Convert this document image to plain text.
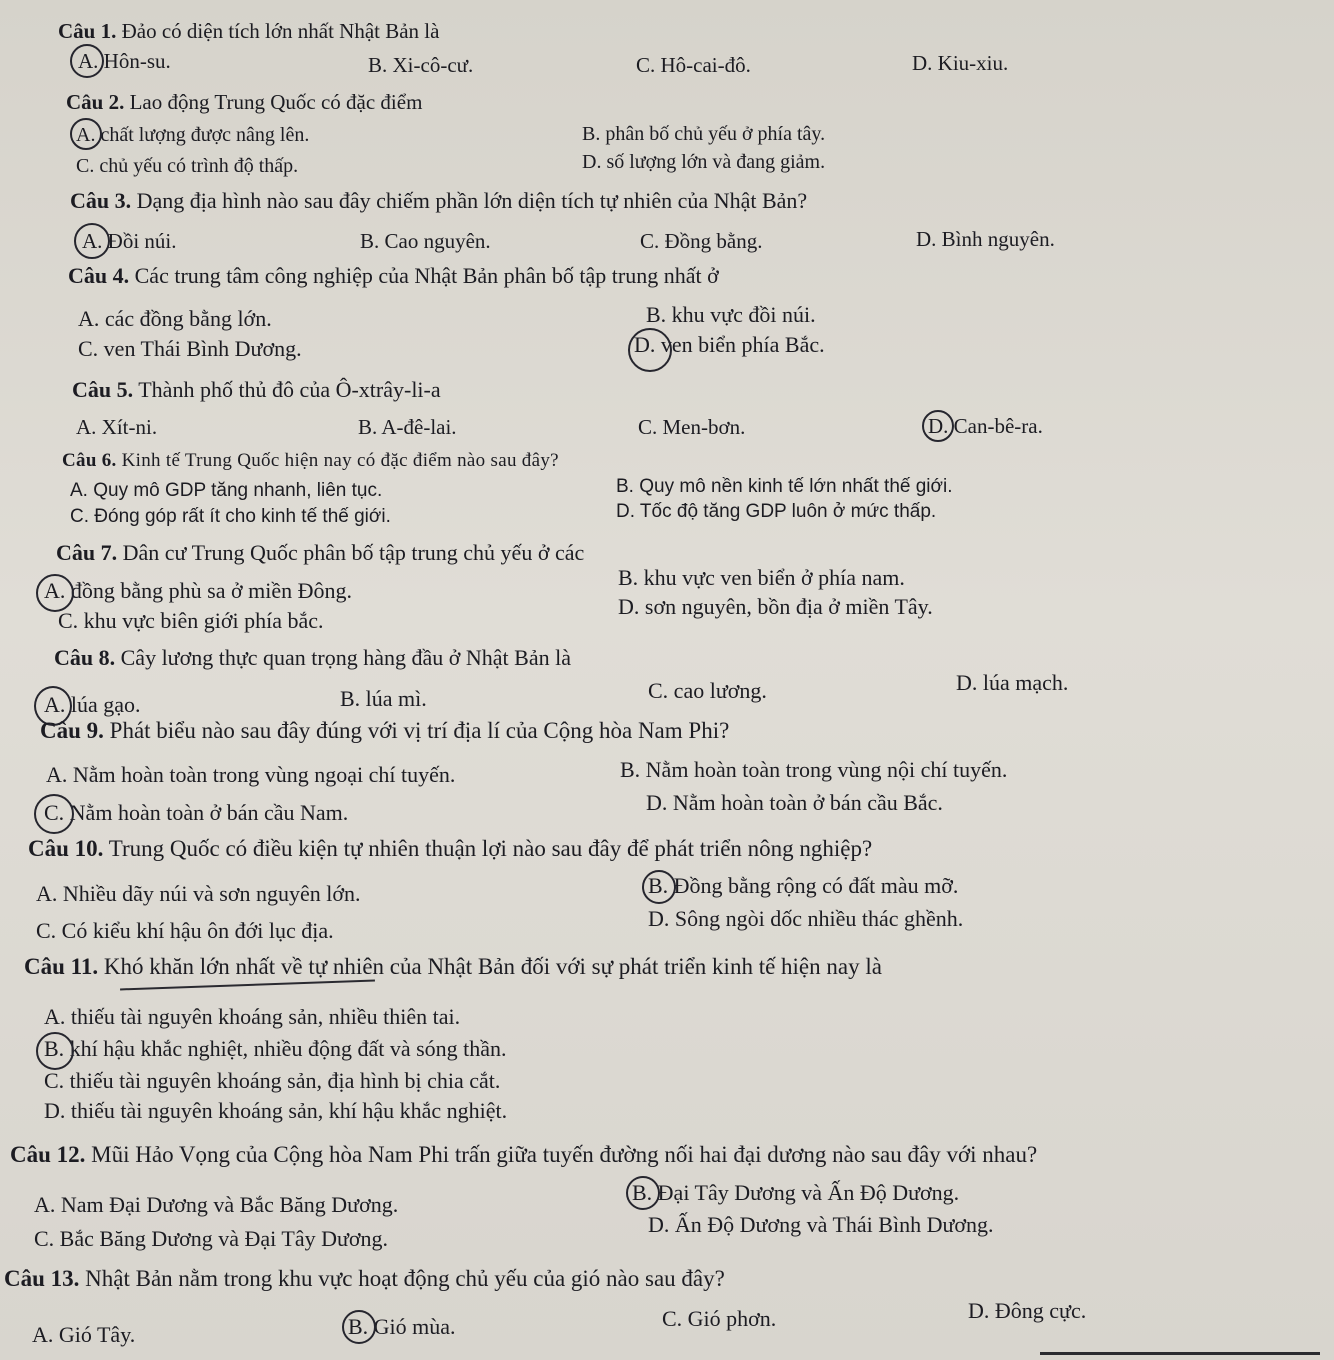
Câu 1. Đảo có diện tích lớn nhất Nhật Bản là
A. Hôn-su.	B. Xi-cô-cư.	C. Hô-cai-đô.	D. Kiu-xiu.
Câu 2. Lao động Trung Quốc có đặc điểm
A. chất lượng được nâng lên.	B. phân bố chủ yếu ở phía tây.
C. chủ yếu có trình độ thấp.	D. số lượng lớn và đang giảm.
Câu 3. Dạng địa hình nào sau đây chiếm phần lớn diện tích tự nhiên của Nhật Bản?
A. Đồi núi.	B. Cao nguyên.	C. Đồng bằng.	D. Bình nguyên.
Câu 4. Các trung tâm công nghiệp của Nhật Bản phân bố tập trung nhất ở
A. các đồng bằng lớn.	B. khu vực đồi núi.
C. ven Thái Bình Dương.	D. ven biển phía Bắc.
Câu 5. Thành phố thủ đô của Ô-xtrây-li-a
A. Xít-ni.	B. A-đê-lai.	C. Men-bơn.	D. Can-bê-ra.
Câu 6. Kinh tế Trung Quốc hiện nay có đặc điểm nào sau đây?
A. Quy mô GDP tăng nhanh, liên tục.	B. Quy mô nền kinh tế lớn nhất thế giới.
C. Đóng góp rất ít cho kinh tế thế giới.	D. Tốc độ tăng GDP luôn ở mức thấp.
Câu 7. Dân cư Trung Quốc phân bố tập trung chủ yếu ở các
A. đồng bằng phù sa ở miền Đông.
B. khu vực ven biển ở phía nam.
C. khu vực biên giới phía bắc.
D. sơn nguyên, bồn địa ở miền Tây.
Câu 8. Cây lương thực quan trọng hàng đầu ở Nhật Bản là
A. lúa gạo.	B. lúa mì.	C. cao lương.	D. lúa mạch.
Câu 9. Phát biểu nào sau đây đúng với vị trí địa lí của Cộng hòa Nam Phi?
A. Nằm hoàn toàn trong vùng ngoại chí tuyến.	B. Nằm hoàn toàn trong vùng nội chí tuyến.
C. Nằm hoàn toàn ở bán cầu Nam.	D. Nằm hoàn toàn ở bán cầu Bắc.
Câu 10. Trung Quốc có điều kiện tự nhiên thuận lợi nào sau đây để phát triển nông nghiệp?
A. Nhiều dãy núi và sơn nguyên lớn.	B. Đồng bằng rộng có đất màu mỡ.
C. Có kiểu khí hậu ôn đới lục địa.	D. Sông ngòi dốc nhiều thác ghềnh.
Câu 11. Khó khăn lớn nhất về tự nhiên của Nhật Bản đối với sự phát triển kinh tế hiện nay là
A. thiếu tài nguyên khoáng sản, nhiều thiên tai.
B. khí hậu khắc nghiệt, nhiều động đất và sóng thần.
C. thiếu tài nguyên khoáng sản, địa hình bị chia cắt.
D. thiếu tài nguyên khoáng sản, khí hậu khắc nghiệt.
Câu 12. Mũi Hảo Vọng của Cộng hòa Nam Phi trấn giữa tuyến đường nối hai đại dương nào sau đây với nhau?
A. Nam Đại Dương và Bắc Băng Dương.	B. Đại Tây Dương và Ấn Độ Dương.
C. Bắc Băng Dương và Đại Tây Dương.
D. Ấn Độ Dương và Thái Bình Dương.
Câu 13. Nhật Bản nằm trong khu vực hoạt động chủ yếu của gió nào sau đây?
A. Gió Tây.	B. Gió mùa.	C. Gió phơn.	D. Đông cực.
